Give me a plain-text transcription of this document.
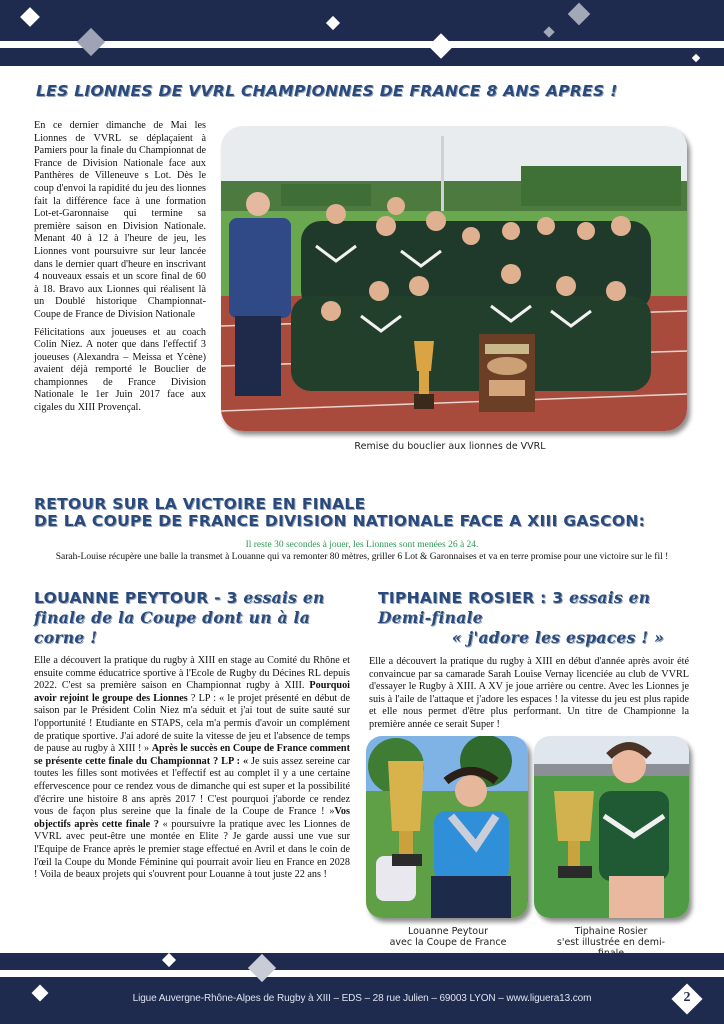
LES LIONNES DE VVRL CHAMPIONNES DE FRANCE 8 ANS APRES !

En ce dernier dimanche de Mai les Lionnes de VVRL se déplaçaient à Pamiers pour la finale du Championnat de France de Division Nationale face aux Panthères de Villeneuve s Lot. Dès le coup d'envoi la rapidité du jeu des lionnes fait la différence face à une formation Lot-et-Garonnaise qui termine sa première saison en Division Nationale. Menant 40 à 12 à l'heure de jeu, les Lionnes vont poursuivre sur leur lancée dans le dernier quart d'heure en inscrivant 4 nouveaux essais et un score final de 60 à 18. Bravo aux Lionnes qui réalisent là un Doublé historique Championnat-Coupe de France de Division Nationale

Félicitations aux joueuses et au coach Colin Niez. A noter que dans l'effectif 3 joueuses (Alexandra – Meissa et Ycène) avaient déjà remporté le Bouclier de championnes de France Division Nationale le 1er Juin 2017 face aux cigales du XIII Provençal.

Remise du bouclier aux lionnes de VVRL
RETOUR SUR LA VICTOIRE EN FINALE
DE LA COUPE DE FRANCE DIVISION NATIONALE FACE A XIII GASCON:
Il reste 30 secondes à jouer, les Lionnes sont menées 26 à 24.
Sarah-Louise récupère une balle la transmet à Louanne qui va remonter 80 mètres, griller 6 Lot & Garonnaises et va en terre promise pour une victoire sur le fil !
LOUANNE PEYTOUR - 3 essais en finale de la Coupe dont un à la corne !
Elle a découvert la pratique du rugby à XIII en stage au Comité du Rhône et ensuite comme éducatrice sportive à l'Ecole de Rugby du Décines RL depuis 2022. C'est sa première saison en Championnat rugby à XIII. Pourquoi avoir rejoint le groupe des Lionnes ? LP : « le projet présenté en début de saison par le Président Colin Niez m'a séduit et j'ai tout de suite sauté sur l'opportunité ! Etudiante en STAPS, cela m'a permis d'avoir un complément de pratique sportive. J'ai adoré de suite la vitesse de jeu et l'absence de temps de pause au rugby à XIII ! » Après le succès en Coupe de France comment se présente cette finale du Championnat ? LP : « Je suis assez sereine car toutes les filles sont motivées et l'effectif est au complet il y a une certaine effervescence pour ce rendez vous de dimanche qui est super et la possibilité d'écrire une histoire 8 ans après 2017 ! C'est pourquoi j'aborde ce rendez vous de façon plus sereine que la finale de la Coupe de France ! »Vos objectifs après cette finale ? « poursuivre la pratique avec les Lionnes de VVRL avec peut-être une montée en Elite ? Je garde aussi une vue sur l'Equipe de France après le premier stage effectué en Avril et dans le coin de l'œil la Coupe du Monde Féminine qui pourrait avoir lieu en France en 2028 ! Voila de beaux projets qui s'ouvrent pour Louanne à tout juste 22 ans !
TIPHAINE ROSIER : 3 essais en
Demi-finale
« j'adore les espaces ! »
Elle a découvert la pratique du rugby à XIII en début d'année après avoir été convaincue par sa camarade Sarah Louise Vernay licenciée au club de VVRL d'essayer le Rugby à XIII. A XV je joue arrière ou centre. Avec les Lionnes je suis à l'aile de l'attaque et j'adore les espaces ! la vitesse du jeu est plus rapide et elle nous permet d'être plus performant. Un titre de Championne la première année ce serait Super !
Louanne Peytour
avec la Coupe de France
Tiphaine Rosier
s'est illustrée en demi-

Ligue Auvergne-Rhône-Alpes de Rugby à XIII – EDS – 28 rue Julien – 69003 LYON – www.liguera13.com	2
